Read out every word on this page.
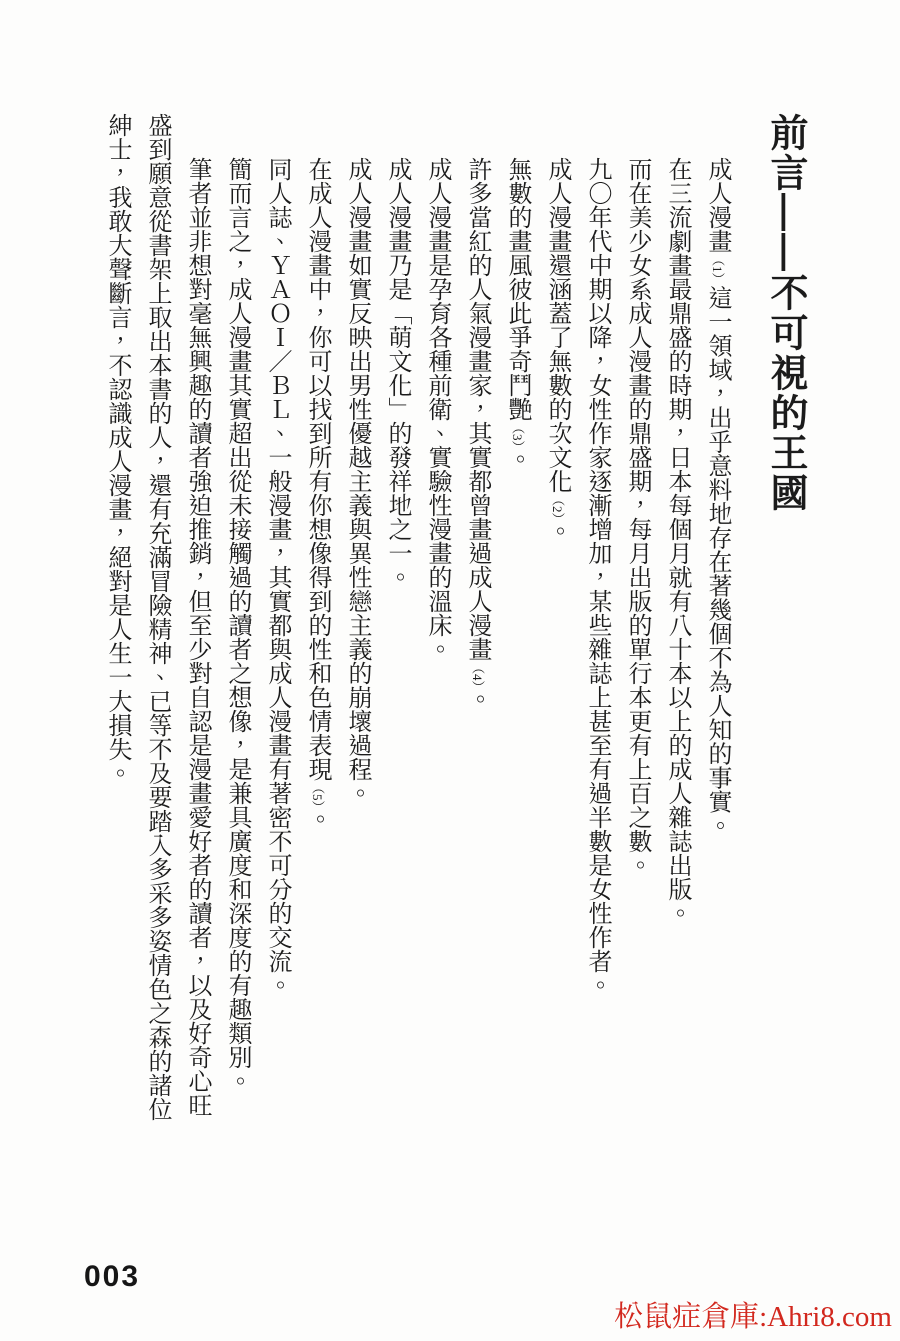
前言——不可視的王國

成人漫畫（1）這一領域，出乎意料地存在著幾個不為人知的事實。

在三流劇畫最鼎盛的時期，日本每個月就有八十本以上的成人雜誌出版。

而在美少女系成人漫畫的鼎盛期，每月出版的單行本更有上百之數。

九〇年代中期以降，女性作家逐漸增加，某些雜誌上甚至有過半數是女性作者。

成人漫畫還涵蓋了無數的次文化（2）。

無數的畫風彼此爭奇鬥艷（3）。

許多當紅的人氣漫畫家，其實都曾畫過成人漫畫（4）。

成人漫畫是孕育各種前衛、實驗性漫畫的溫床。

成人漫畫乃是「萌文化」的發祥地之一。

成人漫畫如實反映出男性優越主義與異性戀主義的崩壞過程。

在成人漫畫中，你可以找到所有你想像得到的性和色情表現（5）。

同人誌、ＹＡＯＩ／ＢＬ、一般漫畫，其實都與成人漫畫有著密不可分的交流。

簡而言之，成人漫畫其實超出從未接觸過的讀者之想像，是兼具廣度和深度的有趣類別。

筆者並非想對毫無興趣的讀者強迫推銷，但至少對自認是漫畫愛好者的讀者，以及好奇心旺盛到願意從書架上取出本書的人，還有充滿冒險精神、已等不及要踏入多采多姿情色之森的諸位紳士，我敢大聲斷言，不認識成人漫畫，絕對是人生一大損失。

003
松鼠症倉庫:Ahri8.com
